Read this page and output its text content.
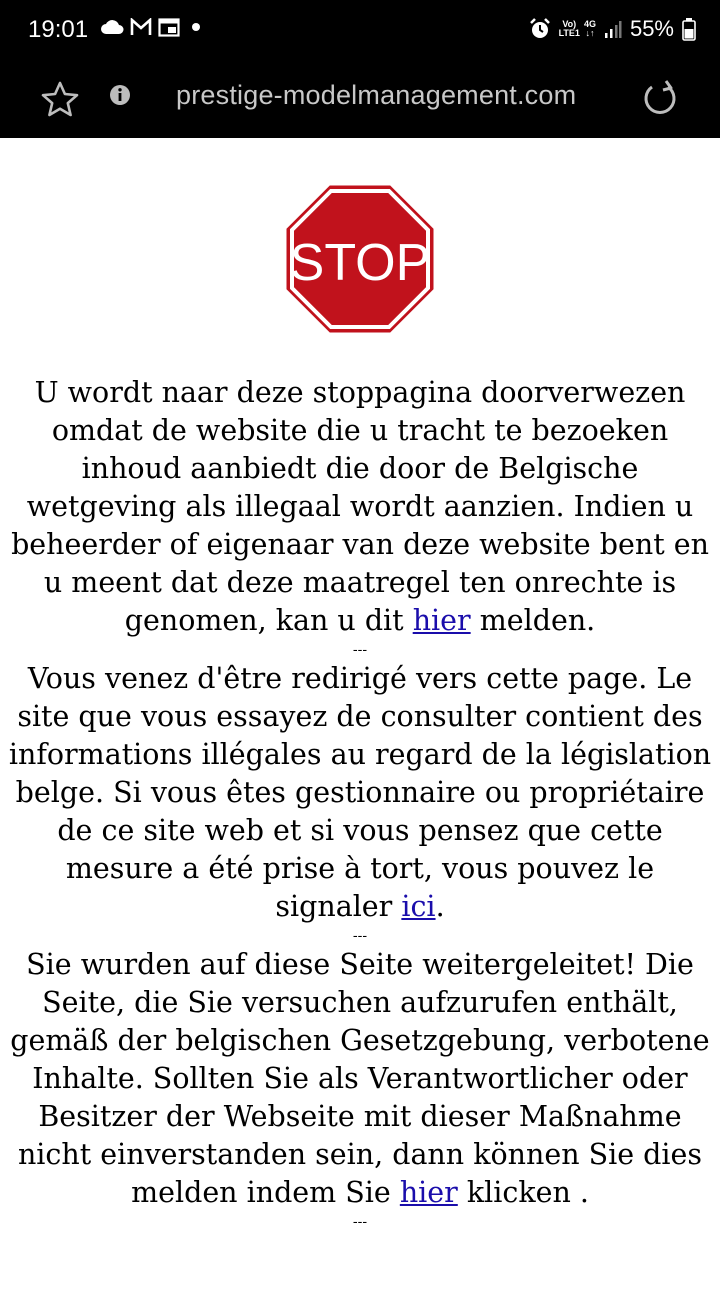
19:01	Vo)
LTE1
4G
↓↑ 55%
prestige-modelmanagement.com
STOP

U wordt naar deze stoppagina doorverwezen omdat de website die u tracht te bezoeken inhoud aanbiedt die door de Belgische wetgeving als illegaal wordt aanzien. Indien u beheerder of eigenaar van deze website bent en u meent dat deze maatregel ten onrechte is genomen, kan u dit hier melden.

---

Vous venez d'être redirigé vers cette page. Le site que vous essayez de consulter contient des informations illégales au regard de la législation belge. Si vous êtes gestionnaire ou propriétaire de ce site web et si vous pensez que cette mesure a été prise à tort, vous pouvez le signaler ici.

---

Sie wurden auf diese Seite weitergeleitet! Die Seite, die Sie versuchen aufzurufen enthält, gemäß der belgischen Gesetzgebung, verbotene Inhalte. Sollten Sie als Verantwortlicher oder Besitzer der Webseite mit dieser Maßnahme nicht einverstanden sein, dann können Sie dies melden indem Sie hier klicken .

---
